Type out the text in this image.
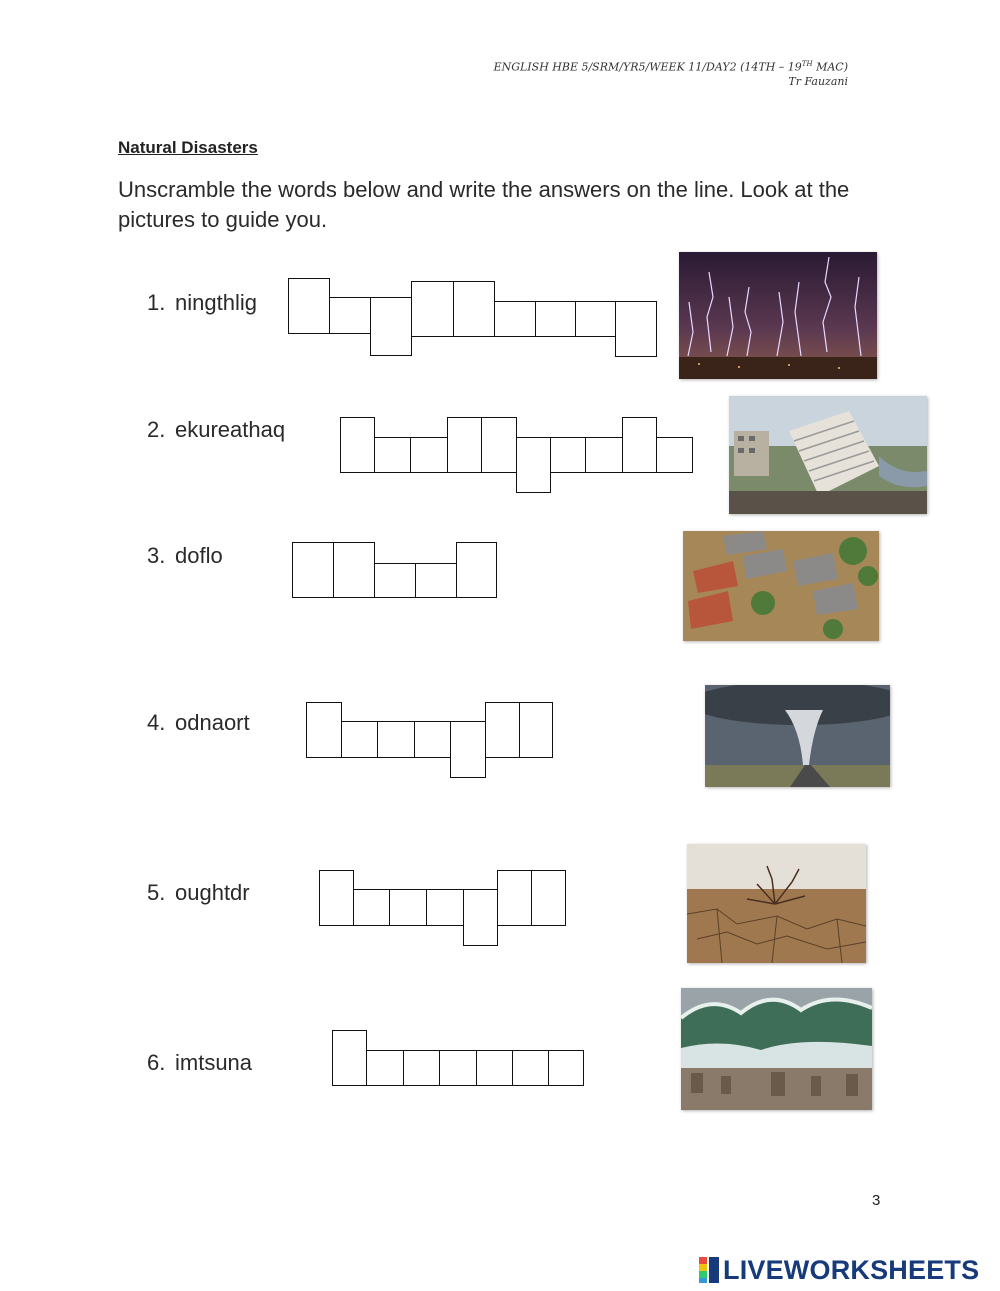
ENGLISH HBE 5/SRM/YR5/WEEK 11/DAY2 (14TH – 19TH MAC)
Tr Fauzani
Natural Disasters
Unscramble the words below and write the answers on the line. Look at the pictures to guide you.
1. ningthlig
2. ekureathaq
3. doflo
4. odnaort
5. oughtdr
6. imtsuna
3
LIVEWORKSHEETS
